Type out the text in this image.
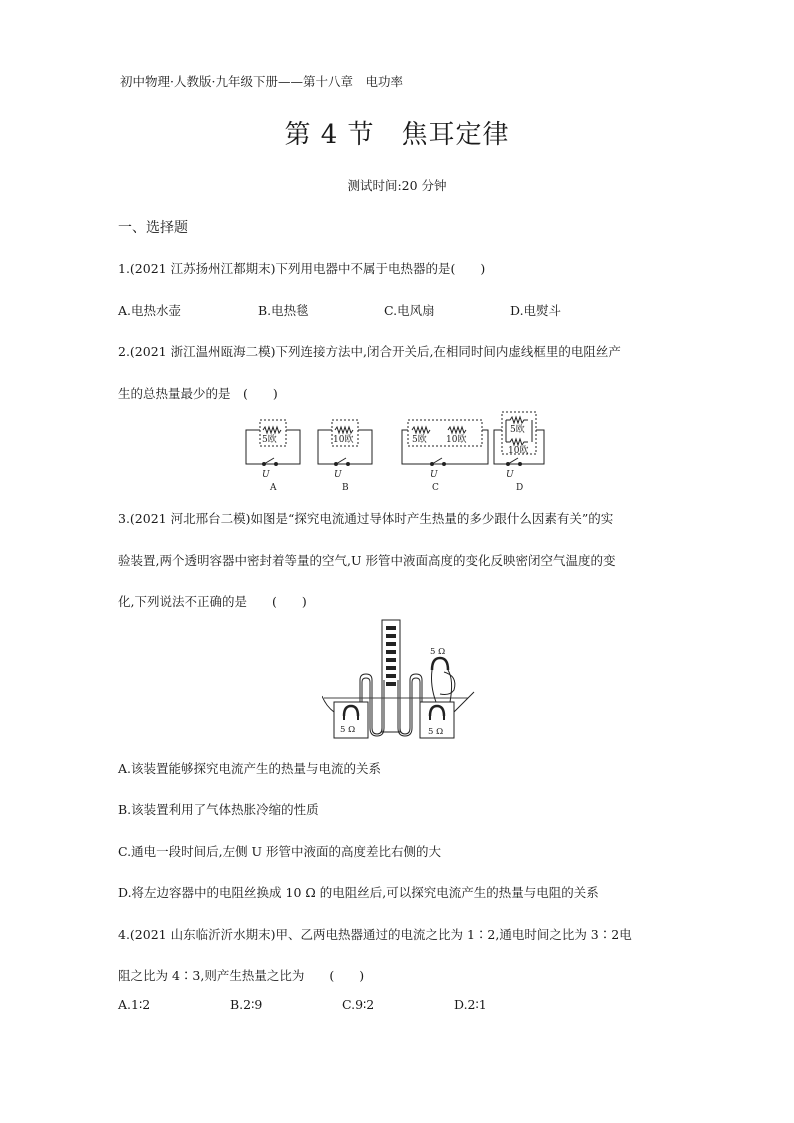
初中物理·人教版·九年级下册——第十八章　电功率
第 4 节　焦耳定律
测试时间:20 分钟
一、选择题
1.(2021 江苏扬州江都期末)下列用电器中不属于电热器的是(　　)
A.电热水壶	B.电热毯	C.电风扇	D.电熨斗
2.(2021 浙江温州瓯海二模)下列连接方法中,闭合开关后,在相同时间内虚线框里的电阻丝产
生的总热量最少的是　(　　)
5欧
U
A
10欧
U
B
5欧 10欧
U
C
5欧
10欧
U
D
3.(2021 河北邢台二模)如图是“探究电流通过导体时产生热量的多少跟什么因素有关”的实
验装置,两个透明容器中密封着等量的空气,U 形管中液面高度的变化反映密闭空气温度的变
化,下列说法不正确的是　　(　　)
5 Ω
5 Ω	5 Ω
A.该装置能够探究电流产生的热量与电流的关系
B.该装置利用了气体热胀冷缩的性质
C.通电一段时间后,左侧 U 形管中液面的高度差比右侧的大
D.将左边容器中的电阻丝换成 10 Ω 的电阻丝后,可以探究电流产生的热量与电阻的关系
4.(2021 山东临沂沂水期末)甲、乙两电热器通过的电流之比为 1∶2,通电时间之比为 3∶2电
阻之比为 4∶3,则产生热量之比为　　(　　)
A.1∶2	B.2∶9	C.9∶2	D.2∶1
